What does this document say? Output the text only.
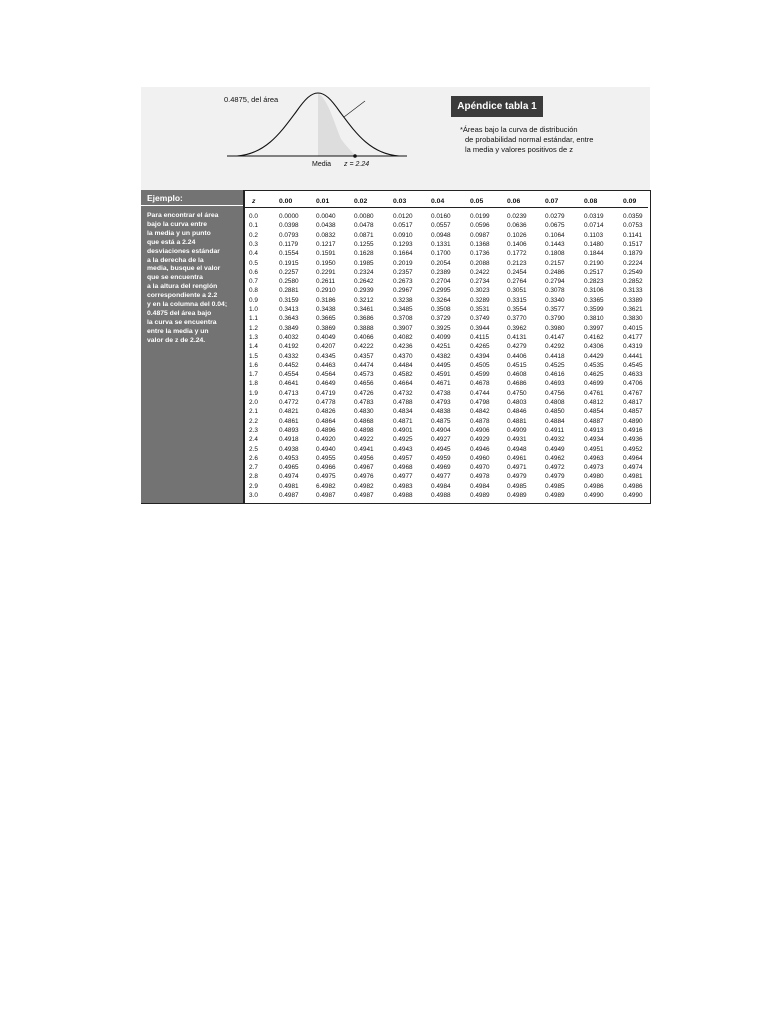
0.4875, del área
Media z = 2.24
Apéndice tabla 1
*Áreas bajo la curva de distribución
de probabilidad normal estándar, entre
la media y valores positivos de z
Ejemplo:
Para encontrar el área
bajo la curva entre
la media y un punto
que está a 2.24
desviaciones estándar
a la derecha de la
media, busque el valor
que se encuentra
a la altura del renglón
correspondiente a 2.2
y en la columna del 0.04;
0.4875 del área bajo
la curva se encuentra
entre la media y un
valor de z de 2.24.
z	0.00	0.01	0.02	0.03	0.04	0.05	0.06	0.07	0.08	0.09
0.0	0.0000	0.0040	0.0080	0.0120	0.0160	0.0199	0.0239	0.0279	0.0319	0.0359
0.1	0.0398	0.0438	0.0478	0.0517	0.0557	0.0596	0.0636	0.0675	0.0714	0.0753
0.2	0.0793	0.0832	0.0871	0.0910	0.0948	0.0987	0.1026	0.1064	0.1103	0.1141
0.3	0.1179	0.1217	0.1255	0.1293	0.1331	0.1368	0.1406	0.1443	0.1480	0.1517
0.4	0.1554	0.1591	0.1628	0.1664	0.1700	0.1736	0.1772	0.1808	0.1844	0.1879
0.5	0.1915	0.1950	0.1985	0.2019	0.2054	0.2088	0.2123	0.2157	0.2190	0.2224
0.6	0.2257	0.2291	0.2324	0.2357	0.2389	0.2422	0.2454	0.2486	0.2517	0.2549
0.7	0.2580	0.2611	0.2642	0.2673	0.2704	0.2734	0.2764	0.2794	0.2823	0.2852
0.8	0.2881	0.2910	0.2939	0.2967	0.2995	0.3023	0.3051	0.3078	0.3106	0.3133
0.9	0.3159	0.3186	0.3212	0.3238	0.3264	0.3289	0.3315	0.3340	0.3365	0.3389
1.0	0.3413	0.3438	0.3461	0.3485	0.3508	0.3531	0.3554	0.3577	0.3599	0.3621
1.1	0.3643	0.3665	0.3686	0.3708	0.3729	0.3749	0.3770	0.3790	0.3810	0.3830
1.2	0.3849	0.3869	0.3888	0.3907	0.3925	0.3944	0.3962	0.3980	0.3997	0.4015
1.3	0.4032	0.4049	0.4066	0.4082	0.4099	0.4115	0.4131	0.4147	0.4162	0.4177
1.4	0.4192	0.4207	0.4222	0.4236	0.4251	0.4265	0.4279	0.4292	0.4306	0.4319
1.5	0.4332	0.4345	0.4357	0.4370	0.4382	0.4394	0.4406	0.4418	0.4429	0.4441
1.6	0.4452	0.4463	0.4474	0.4484	0.4495	0.4505	0.4515	0.4525	0.4535	0.4545
1.7	0.4554	0.4564	0.4573	0.4582	0.4591	0.4599	0.4608	0.4616	0.4625	0.4633
1.8	0.4641	0.4649	0.4656	0.4664	0.4671	0.4678	0.4686	0.4693	0.4699	0.4706
1.9	0.4713	0.4719	0.4726	0.4732	0.4738	0.4744	0.4750	0.4756	0.4761	0.4767
2.0	0.4772	0.4778	0.4783	0.4788	0.4793	0.4798	0.4803	0.4808	0.4812	0.4817
2.1	0.4821	0.4826	0.4830	0.4834	0.4838	0.4842	0.4846	0.4850	0.4854	0.4857
2.2	0.4861	0.4864	0.4868	0.4871	0.4875	0.4878	0.4881	0.4884	0.4887	0.4890
2.3	0.4893	0.4896	0.4898	0.4901	0.4904	0.4906	0.4909	0.4911	0.4913	0.4916
2.4	0.4918	0.4920	0.4922	0.4925	0.4927	0.4929	0.4931	0.4932	0.4934	0.4936
2.5	0.4938	0.4940	0.4941	0.4943	0.4945	0.4946	0.4948	0.4949	0.4951	0.4952
2.6	0.4953	0.4955	0.4956	0.4957	0.4959	0.4960	0.4961	0.4962	0.4963	0.4964
2.7	0.4965	0.4966	0.4967	0.4968	0.4969	0.4970	0.4971	0.4972	0.4973	0.4974
2.8	0.4974	0.4975	0.4976	0.4977	0.4977	0.4978	0.4979	0.4979	0.4980	0.4981
2.9	0.4981	6.4982	0.4982	0.4983	0.4984	0.4984	0.4985	0.4985	0.4986	0.4986
3.0	0.4987	0.4987	0.4987	0.4988	0.4988	0.4989	0.4989	0.4989	0.4990	0.4990
